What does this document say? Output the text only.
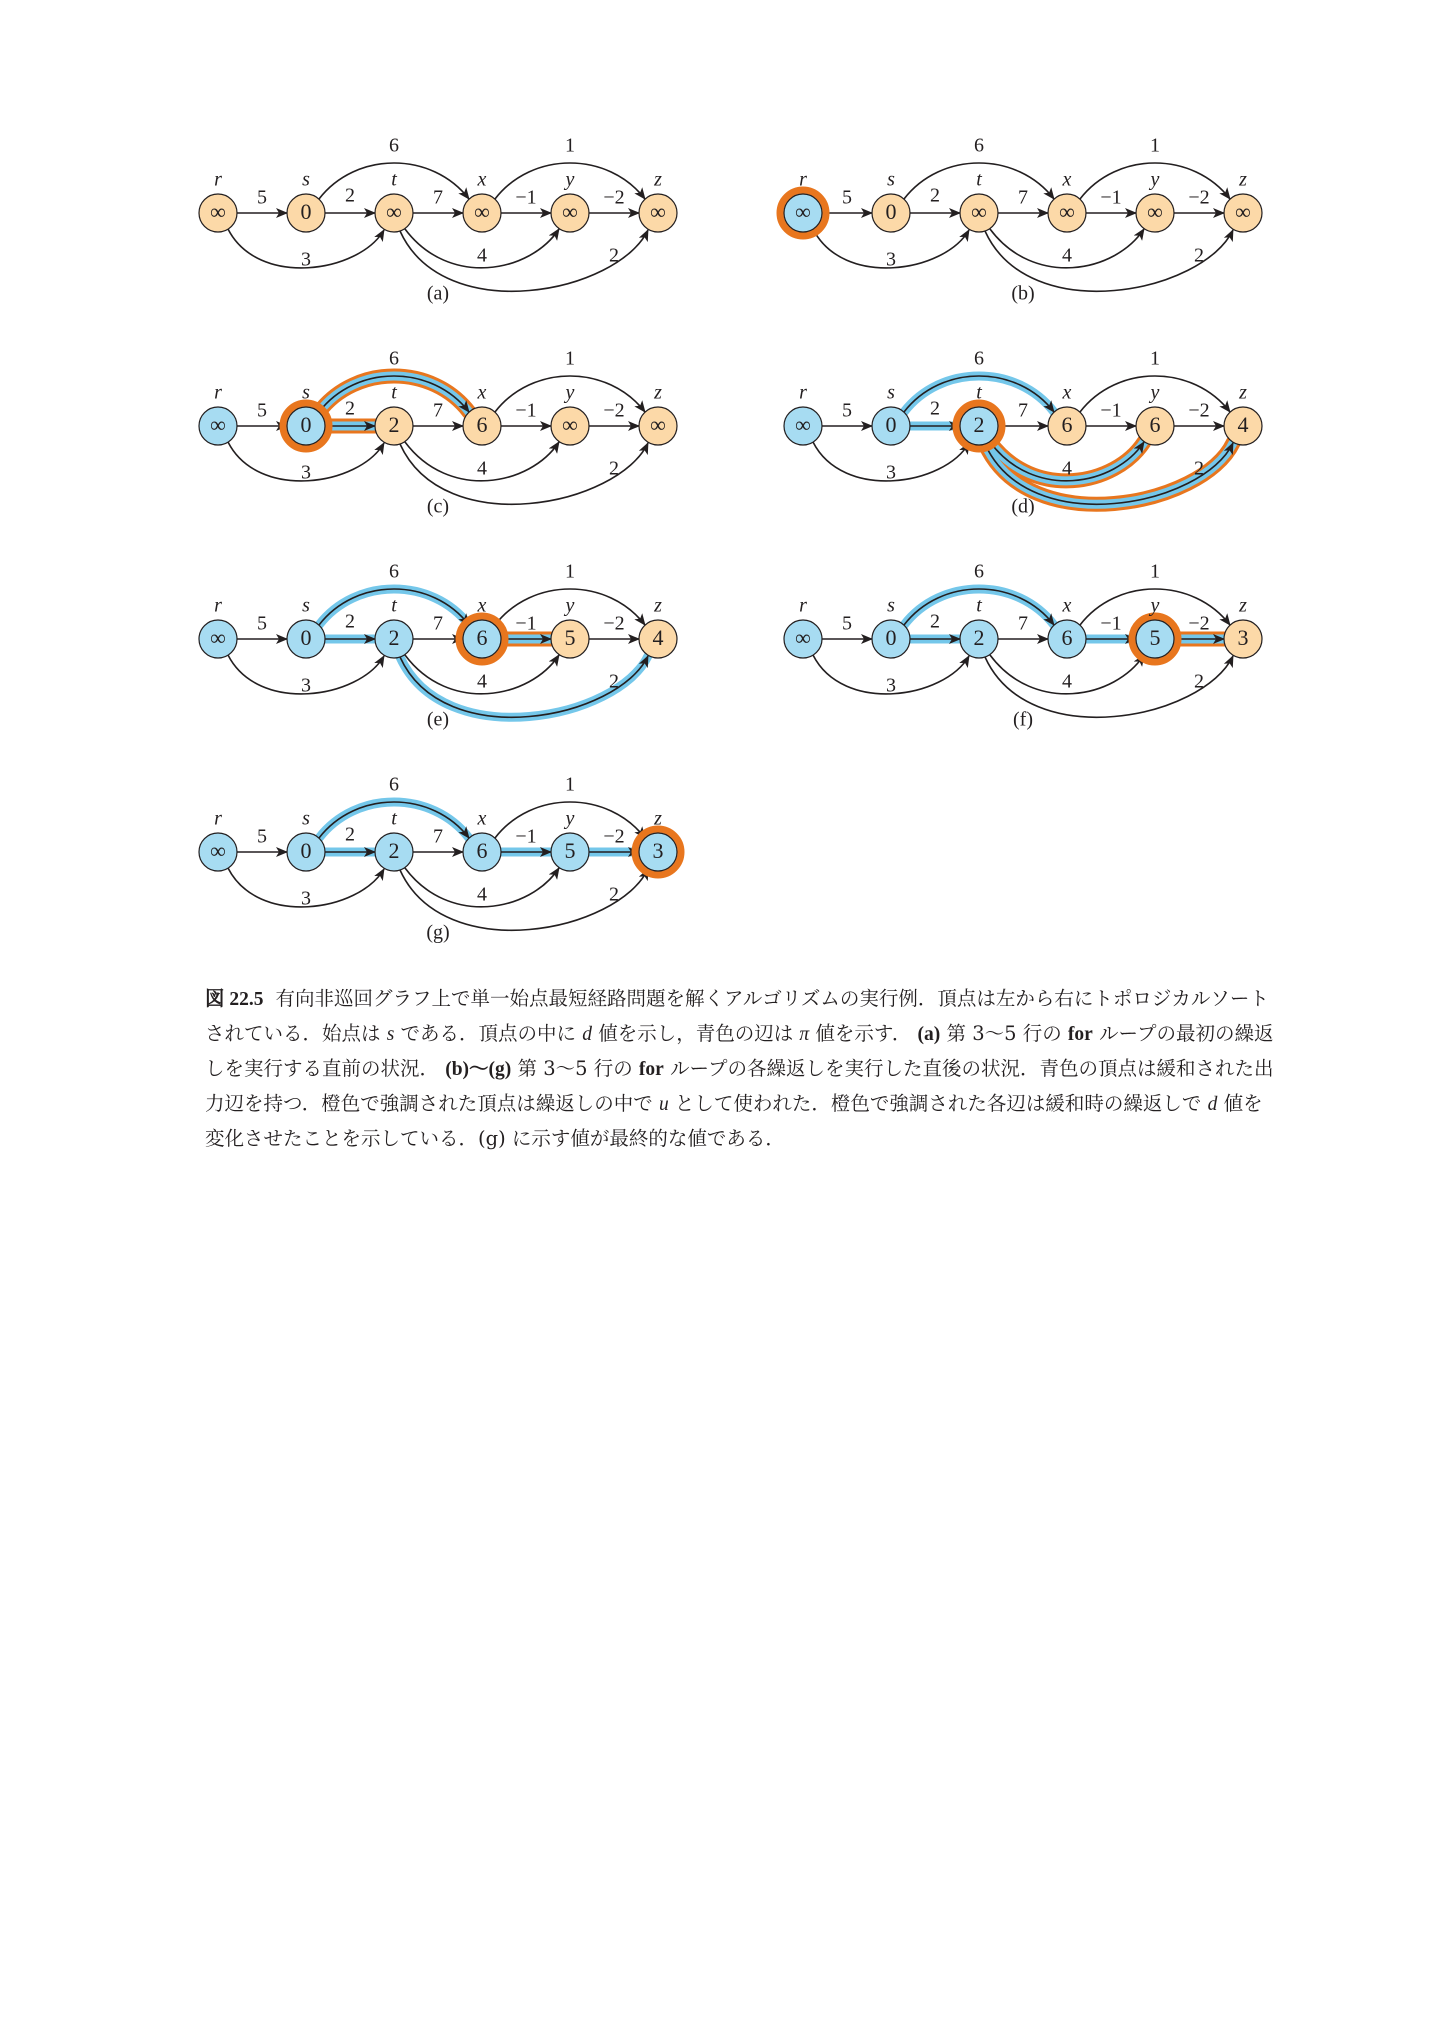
5
3
2
6
7
4	2
−1
1
−2
∞
r
0
s
∞
t
∞
x
∞
y
∞
z
(a)
5
3
2
6
7
4	2
−1
1
−2
∞
r
0
s
∞
t
∞
x
∞
y
∞
z
(b)
5
3
2
6
7
4	2
−1
1
−2
∞
r
0
s
2
t
6
x
∞
y
∞
z
(c)
5
3
2
6
7
4	2
−1
1
−2
∞
r
0
s
2
t
6
x
6
y
4
z
(d)
5
3
2
6
7
4	2
−1
1
−2
∞
r
0
s
2
t
6
x
5
y
4
z
(e)
5
3
2
6
7
4	2
−1
1
−2
∞
r
0
s
2
t
6
x
5
y
3
z
(f)
5
3
2
6
7
4	2
−1
1
−2
∞
r
0
s
2
t
6
x
5
y
3
z
(g)

図 22.5 有向非巡回グラフ上で単一始点最短経路問題を解くアルゴリズムの実行例．頂点は左から右にトポロジカルソートされている．始点は s である．頂点の中に d 値を示し，青色の辺は π 値を示す． (a) 第 3〜5 行の for ループの最初の繰返しを実行する直前の状況． (b)〜(g) 第 3〜5 行の for ループの各繰返しを実行した直後の状況．青色の頂点は緩和された出力辺を持つ．橙色で強調された頂点は繰返しの中で u として使われた．橙色で強調された各辺は緩和時の繰返しで d 値を変化させたことを示している．(g) に示す値が最終的な値である．
